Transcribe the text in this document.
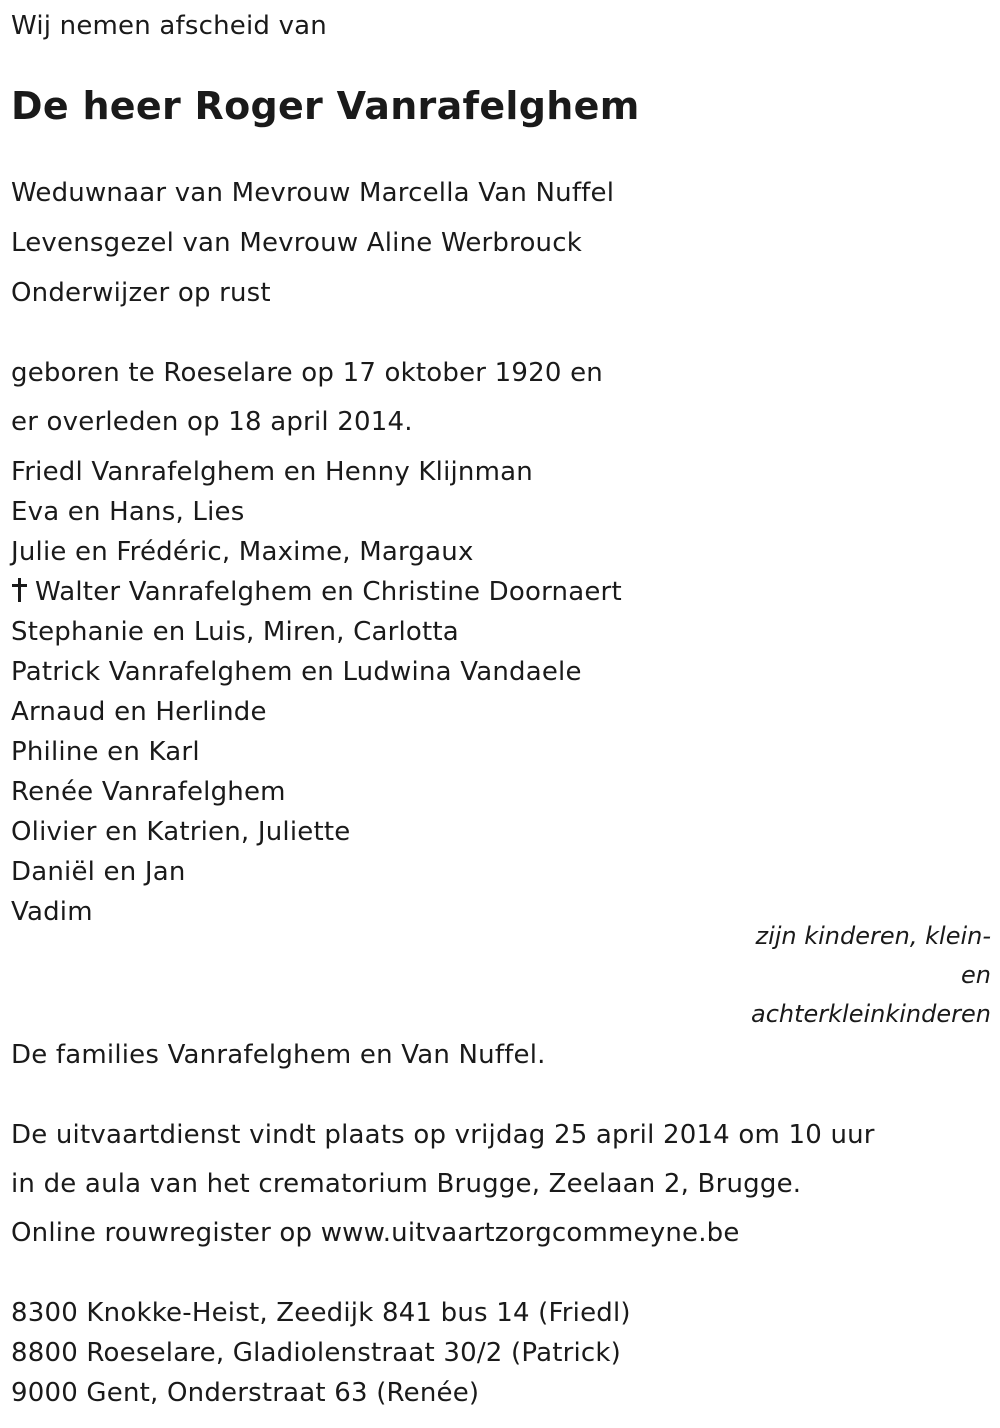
Wij nemen afscheid van
De heer Roger Vanrafelghem
Weduwnaar van Mevrouw Marcella Van Nuffel
Levensgezel van Mevrouw Aline Werbrouck
Onderwijzer op rust
geboren te Roeselare op 17 oktober 1920 en
er overleden op 18 april 2014.
Friedl Vanrafelghem en Henny Klijnman
Eva en Hans, Lies
Julie en Frédéric, Maxime, Margaux
Walter Vanrafelghem en Christine Doornaert
Stephanie en Luis, Miren, Carlotta
Patrick Vanrafelghem en Ludwina Vandaele
Arnaud en Herlinde
Philine en Karl
Renée Vanrafelghem
Olivier en Katrien, Juliette
Daniël en Jan
Vadim
zijn kinderen, klein-
en
achterkleinkinderen
De families Vanrafelghem en Van Nuffel.
De uitvaartdienst vindt plaats op vrijdag 25 april 2014 om 10 uur
in de aula van het crematorium Brugge, Zeelaan 2, Brugge.
Online rouwregister op www.uitvaartzorgcommeyne.be
8300 Knokke-Heist, Zeedijk 841 bus 14 (Friedl)
8800 Roeselare, Gladiolenstraat 30/2 (Patrick)
9000 Gent, Onderstraat 63 (Renée)
